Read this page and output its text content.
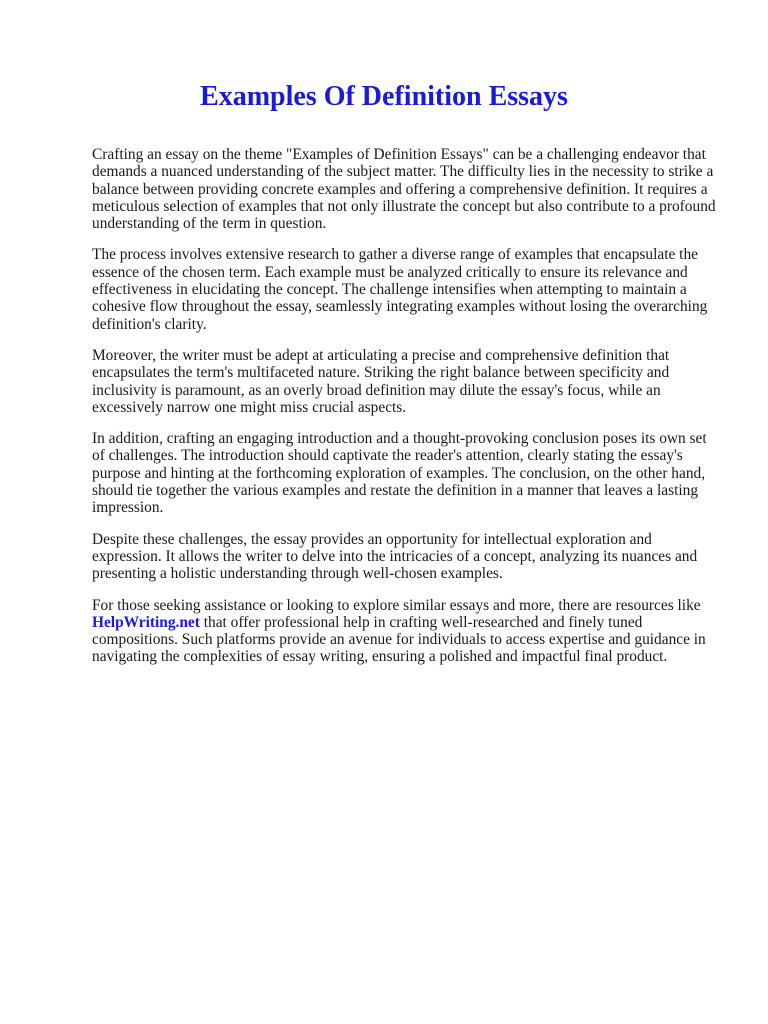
Examples Of Definition Essays

Crafting an essay on the theme "Examples of Definition Essays" can be a challenging endeavor that demands a nuanced understanding of the subject matter. The difficulty lies in the necessity to strike a balance between providing concrete examples and offering a comprehensive definition. It requires a meticulous selection of examples that not only illustrate the concept but also contribute to a profound understanding of the term in question.

The process involves extensive research to gather a diverse range of examples that encapsulate the essence of the chosen term. Each example must be analyzed critically to ensure its relevance and effectiveness in elucidating the concept. The challenge intensifies when attempting to maintain a cohesive flow throughout the essay, seamlessly integrating examples without losing the overarching definition's clarity.

Moreover, the writer must be adept at articulating a precise and comprehensive definition that encapsulates the term's multifaceted nature. Striking the right balance between specificity and inclusivity is paramount, as an overly broad definition may dilute the essay's focus, while an excessively narrow one might miss crucial aspects.

In addition, crafting an engaging introduction and a thought-provoking conclusion poses its own set of challenges. The introduction should captivate the reader's attention, clearly stating the essay's purpose and hinting at the forthcoming exploration of examples. The conclusion, on the other hand, should tie together the various examples and restate the definition in a manner that leaves a lasting impression.

Despite these challenges, the essay provides an opportunity for intellectual exploration and expression. It allows the writer to delve into the intricacies of a concept, analyzing its nuances and presenting a holistic understanding through well-chosen examples.

For those seeking assistance or looking to explore similar essays and more, there are resources like HelpWriting.net that offer professional help in crafting well-researched and finely tuned compositions. Such platforms provide an avenue for individuals to access expertise and guidance in navigating the complexities of essay writing, ensuring a polished and impactful final product.
